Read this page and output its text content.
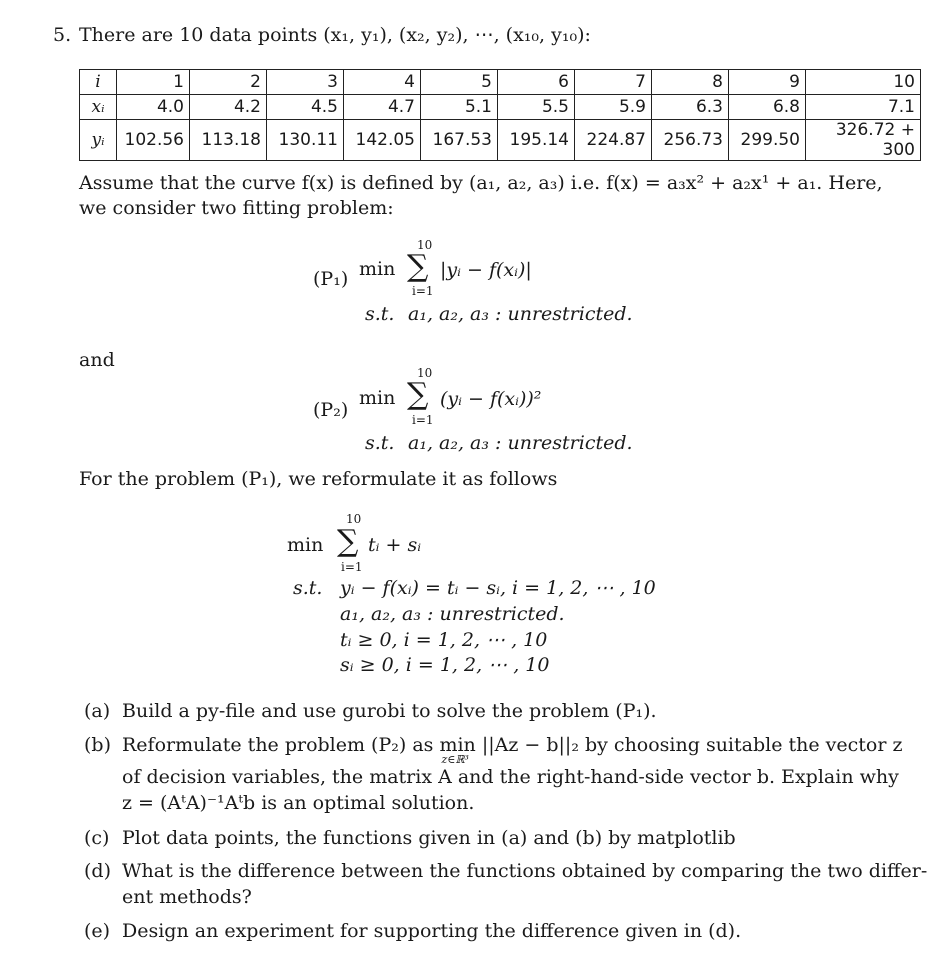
5. There are 10 data points (x₁, y₁), (x₂, y₂), ⋯, (x₁₀, y₁₀):
i	1	2	3	4	5	6	7	8	9	10
xᵢ	4.0	4.2	4.5	4.7	5.1	5.5	5.9	6.3	6.8	7.1
yᵢ	102.56	113.18	130.11	142.05	167.53	195.14	224.87	256.73	299.50	326.72 + 300
Assume that the curve f(x) is defined by (a₁, a₂, a₃) i.e. f(x) = a₃x² + a₂x¹ + a₁. Here,
we consider two fitting problem:
(P₁) min
10
∑
i=1
|yᵢ − f(xᵢ)|
s.t. a₁, a₂, a₃ : unrestricted.
and
(P₂)
min
10
∑
i=1
(yᵢ − f(xᵢ))²
s.t. a₁, a₂, a₃ : unrestricted.
For the problem (P₁), we reformulate it as follows
min
10
∑
i=1
tᵢ + sᵢ
s.t. yᵢ − f(xᵢ) = tᵢ − sᵢ, i = 1, 2, ⋯ , 10
a₁, a₂, a₃ : unrestricted.
tᵢ ≥ 0, i = 1, 2, ⋯ , 10
sᵢ ≥ 0, i = 1, 2, ⋯ , 10
(a) Build a py-file and use gurobi to solve the problem (P₁).
(b) Reformulate the problem (P₂) as min
z∈ℝ³
||Az − b||₂ by choosing suitable the vector z
of decision variables, the matrix A and the right-hand-side vector b. Explain why
z = (AᵗA)⁻¹Aᵗb is an optimal solution.
(c) Plot data points, the functions given in (a) and (b) by matplotlib
(d) What is the difference between the functions obtained by comparing the two differ-
ent methods?
(e) Design an experiment for supporting the difference given in (d).
